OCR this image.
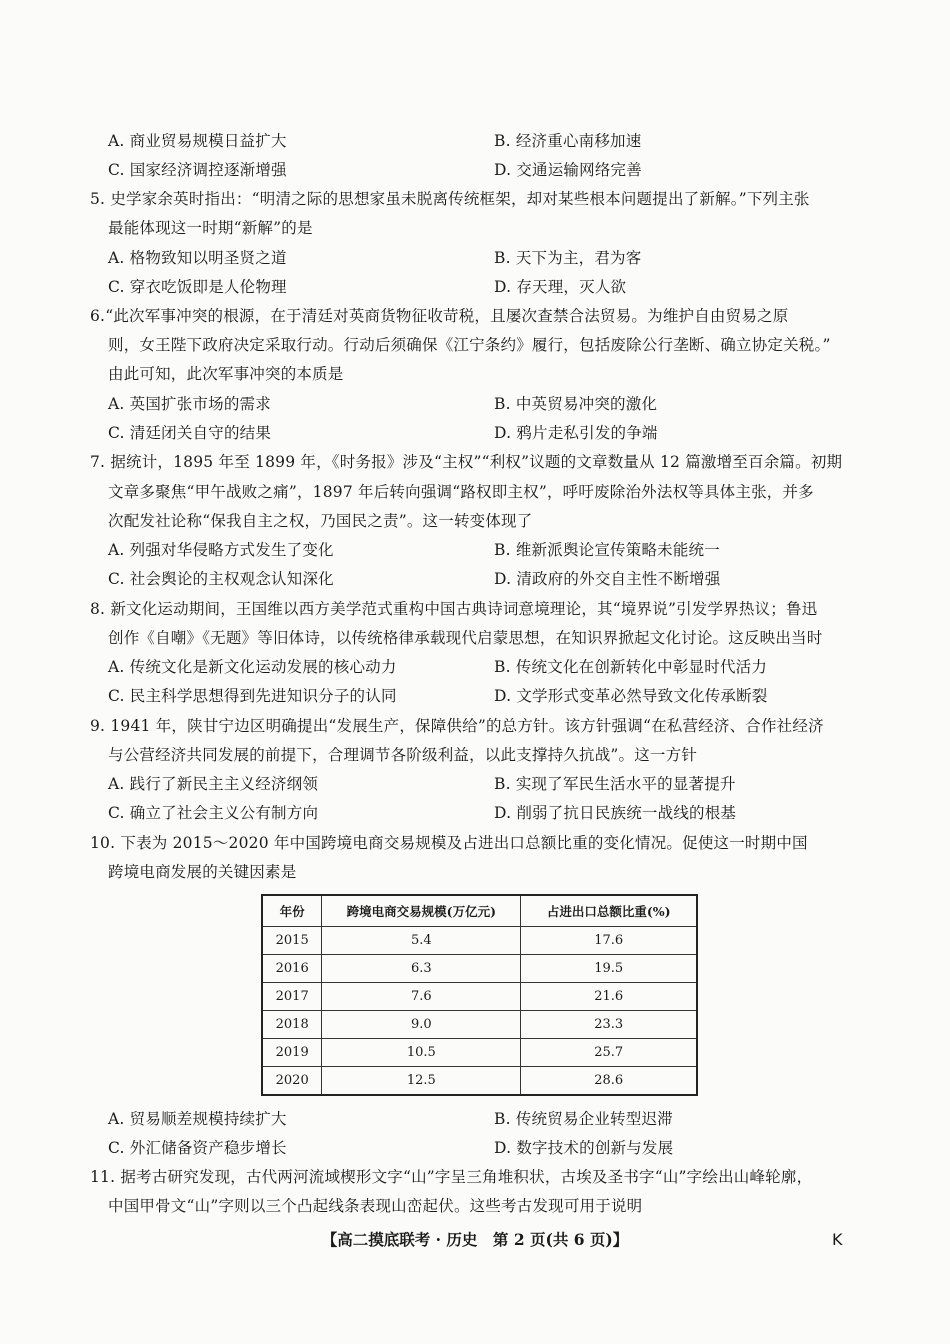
A. 商业贸易规模日益扩大	B. 经济重心南移加速
C. 国家经济调控逐渐增强	D. 交通运输网络完善
5. 史学家余英时指出：“明清之际的思想家虽未脱离传统框架，却对某些根本问题提出了新解。”下列主张
最能体现这一时期“新解”的是
A. 格物致知以明圣贤之道	B. 天下为主，君为客
C. 穿衣吃饭即是人伦物理	D. 存天理，灭人欲
6.“此次军事冲突的根源，在于清廷对英商货物征收苛税，且屡次查禁合法贸易。为维护自由贸易之原
则，女王陛下政府决定采取行动。行动后须确保《江宁条约》履行，包括废除公行垄断、确立协定关税。”
由此可知，此次军事冲突的本质是
A. 英国扩张市场的需求	B. 中英贸易冲突的激化
C. 清廷闭关自守的结果	D. 鸦片走私引发的争端
7. 据统计，1895 年至 1899 年，《时务报》涉及“主权”“利权”议题的文章数量从 12 篇激增至百余篇。初期
文章多聚焦“甲午战败之痛”，1897 年后转向强调“路权即主权”，呼吁废除治外法权等具体主张，并多
次配发社论称“保我自主之权，乃国民之责”。这一转变体现了
A. 列强对华侵略方式发生了变化	B. 维新派舆论宣传策略未能统一
C. 社会舆论的主权观念认知深化	D. 清政府的外交自主性不断增强
8. 新文化运动期间，王国维以西方美学范式重构中国古典诗词意境理论，其“境界说”引发学界热议；鲁迅
创作《自嘲》《无题》等旧体诗，以传统格律承载现代启蒙思想，在知识界掀起文化讨论。这反映出当时
A. 传统文化是新文化运动发展的核心动力	B. 传统文化在创新转化中彰显时代活力
C. 民主科学思想得到先进知识分子的认同	D. 文学形式变革必然导致文化传承断裂
9. 1941 年，陕甘宁边区明确提出“发展生产，保障供给”的总方针。该方针强调“在私营经济、合作社经济
与公营经济共同发展的前提下，合理调节各阶级利益，以此支撑持久抗战”。这一方针
A. 践行了新民主主义经济纲领	B. 实现了军民生活水平的显著提升
C. 确立了社会主义公有制方向	D. 削弱了抗日民族统一战线的根基
10. 下表为 2015～2020 年中国跨境电商交易规模及占进出口总额比重的变化情况。促使这一时期中国
跨境电商发展的关键因素是
年份	跨境电商交易规模(万亿元)	占进出口总额比重(%)
2015	5.4	17.6
2016	6.3	19.5
2017	7.6	21.6
2018	9.0	23.3
2019	10.5	25.7
2020	12.5	28.6
A. 贸易顺差规模持续扩大	B. 传统贸易企业转型迟滞
C. 外汇储备资产稳步增长	D. 数字技术的创新与发展
11. 据考古研究发现，古代两河流域楔形文字“山”字呈三角堆积状，古埃及圣书字“山”字绘出山峰轮廓，
中国甲骨文“山”字则以三个凸起线条表现山峦起伏。这些考古发现可用于说明
【高二摸底联考 · 历史　第 2 页(共 6 页)】	K
